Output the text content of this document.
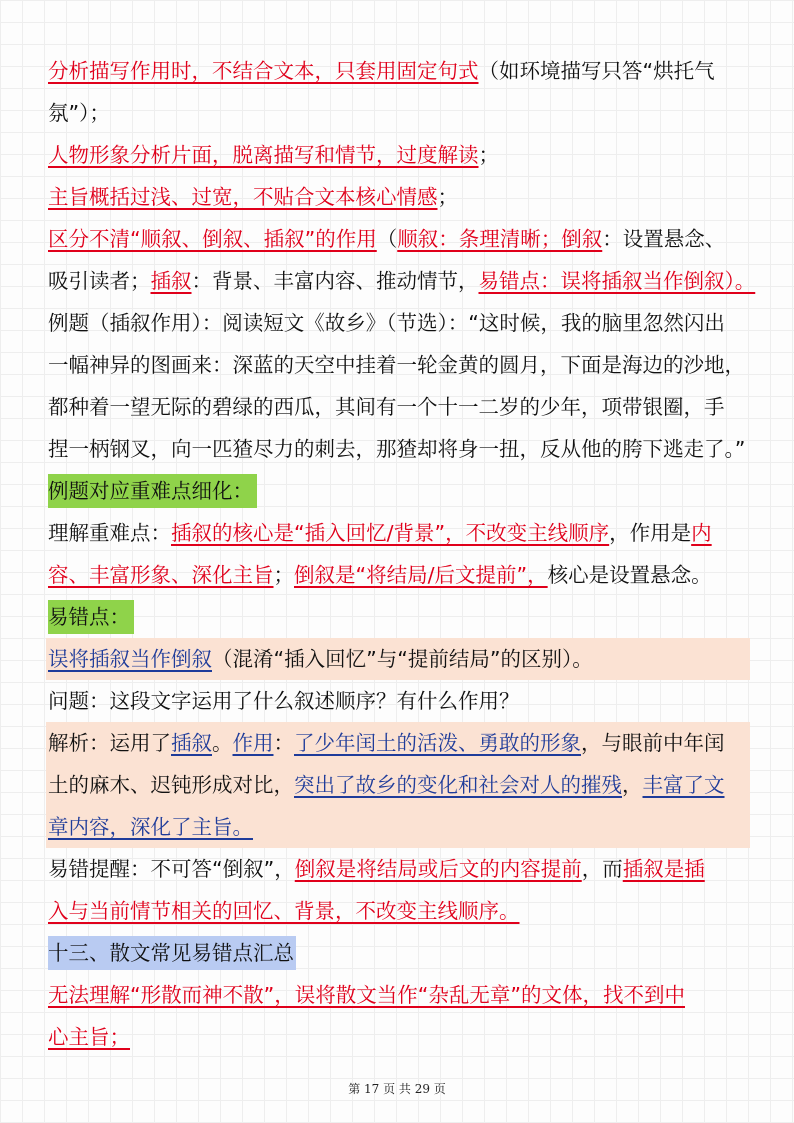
分析描写作用时，不结合文本，只套用固定句式（如环境描写只答“烘托气
氛”）；
人物形象分析片面，脱离描写和情节，过度解读；
主旨概括过浅、过宽，不贴合文本核心情感；
区分不清“顺叙、倒叙、插叙”的作用（顺叙：条理清晰；倒叙：设置悬念、
吸引读者；插叙：背景、丰富内容、推动情节，易错点：误将插叙当作倒叙）。
例题（插叙作用）：阅读短文《故乡》（节选）：“这时候，我的脑里忽然闪出
一幅神异的图画来：深蓝的天空中挂着一轮金黄的圆月，下面是海边的沙地，
都种着一望无际的碧绿的西瓜，其间有一个十一二岁的少年，项带银圈，手
捏一柄钢叉，向一匹猹尽力的刺去，那猹却将身一扭，反从他的胯下逃走了。”
例题对应重难点细化：
理解重难点：插叙的核心是“插入回忆/背景”，不改变主线顺序，作用是内
容、丰富形象、深化主旨；倒叙是“将结局/后文提前”，核心是设置悬念。
易错点：
误将插叙当作倒叙（混淆“插入回忆”与“提前结局”的区别）。
问题：这段文字运用了什么叙述顺序？有什么作用？
解析：运用了插叙。作用：了少年闰土的活泼、勇敢的形象，与眼前中年闰
土的麻木、迟钝形成对比，突出了故乡的变化和社会对人的摧残，丰富了文
章内容，深化了主旨。
易错提醒：不可答“倒叙”，倒叙是将结局或后文的内容提前，而插叙是插
入与当前情节相关的回忆、背景，不改变主线顺序。
十三、散文常见易错点汇总
无法理解“形散而神不散”，误将散文当作“杂乱无章”的文体，找不到中
心主旨；
第 17 页 共 29 页
